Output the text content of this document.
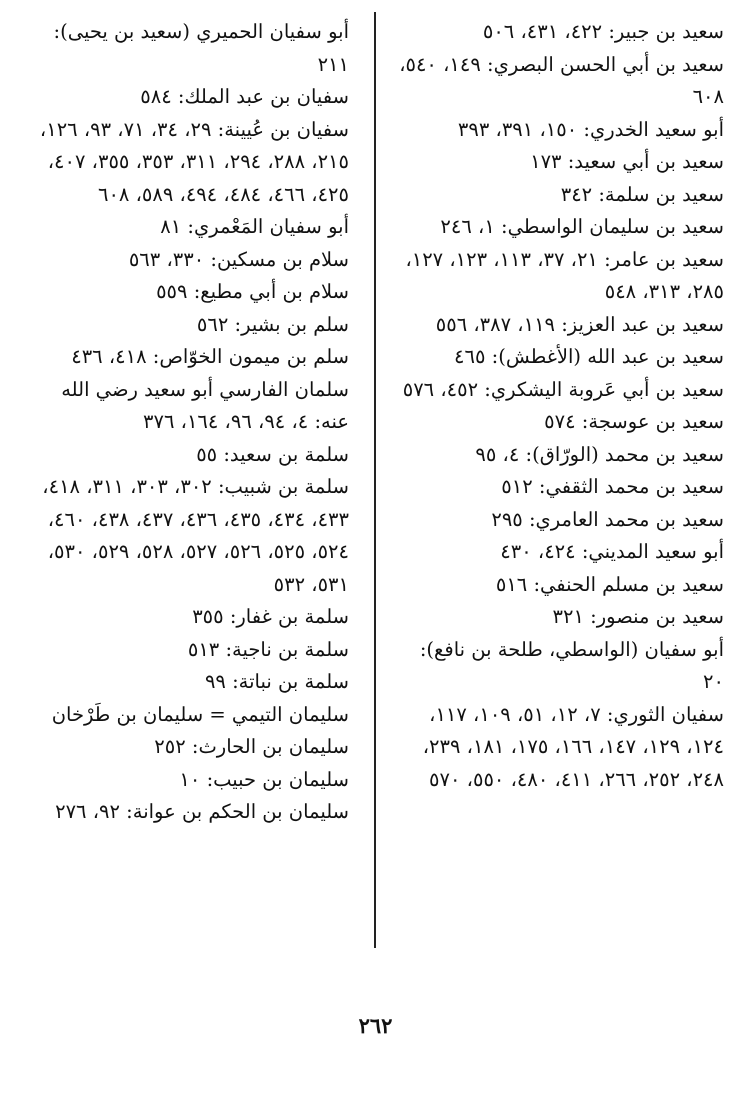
سعيد بن جبير: ٤٢٢، ٤٣١، ٥٠٦

سعيد بن أبي الحسن البصري: ١٤٩، ٥٤٠، ٦٠٨

أبو سعيد الخدري: ١٥٠، ٣٩١، ٣٩٣

سعيد بن أبي سعيد: ١٧٣

سعيد بن سلمة: ٣٤٢

سعيد بن سليمان الواسطي: ١، ٢٤٦

سعيد بن عامر: ٢١، ٣٧، ١١٣، ١٢٣، ١٢٧، ٢٨٥، ٣١٣، ٥٤٨

سعيد بن عبد العزيز: ١١٩، ٣٨٧، ٥٥٦

سعيد بن عبد الله (الأغطش): ٤٦٥

سعيد بن أبي عَروبة اليشكري: ٤٥٢، ٥٧٦

سعيد بن عوسجة: ٥٧٤

سعيد بن محمد (الورّاق): ٤، ٩٥

سعيد بن محمد الثقفي: ٥١٢

سعيد بن محمد العامري: ٢٩٥

أبو سعيد المديني: ٤٢٤، ٤٣٠

سعيد بن مسلم الحنفي: ٥١٦

سعيد بن منصور: ٣٢١

أبو سفيان (الواسطي، طلحة بن نافع): ٢٠

سفيان الثوري: ٧، ١٢، ٥١، ١٠٩، ١١٧، ١٢٤، ١٢٩، ١٤٧، ١٦٦، ١٧٥، ١٨١، ٢٣٩، ٢٤٨، ٢٥٢، ٢٦٦، ٤١١، ٤٨٠، ٥٥٠، ٥٧٠

أبو سفيان الحميري (سعيد بن يحيى): ٢١١

سفيان بن عبد الملك: ٥٨٤

سفيان بن عُيينة: ٢٩، ٣٤، ٧١، ٩٣، ١٢٦، ٢١٥، ٢٨٨، ٢٩٤، ٣١١، ٣٥٣، ٣٥٥، ٤٠٧، ٤٢٥، ٤٦٦، ٤٨٤، ٤٩٤، ٥٨٩، ٦٠٨

أبو سفيان المَعْمري: ٨١

سلام بن مسكين: ٣٣٠، ٥٦٣

سلام بن أبي مطيع: ٥٥٩

سلم بن بشير: ٥٦٢

سلم بن ميمون الخوّاص: ٤١٨، ٤٣٦

سلمان الفارسي أبو سعيد رضي الله عنه: ٤، ٩٤، ٩٦، ١٦٤، ٣٧٦

سلمة بن سعيد: ٥٥

سلمة بن شبيب: ٣٠٢، ٣٠٣، ٣١١، ٤١٨، ٤٣٣، ٤٣٤، ٤٣٥، ٤٣٦، ٤٣٧، ٤٣٨، ٤٦٠، ٥٢٤، ٥٢٥، ٥٢٦، ٥٢٧، ٥٢٨، ٥٢٩، ٥٣٠، ٥٣١، ٥٣٢

سلمة بن غفار: ٣٥٥

سلمة بن ناجية: ٥١٣

سلمة بن نباتة: ٩٩

سليمان التيمي = سليمان بن طَرْخان

سليمان بن الحارث: ٢٥٢

سليمان بن حبيب: ١٠

سليمان بن الحكم بن عوانة: ٩٢، ٢٧٦

٢٦٢
